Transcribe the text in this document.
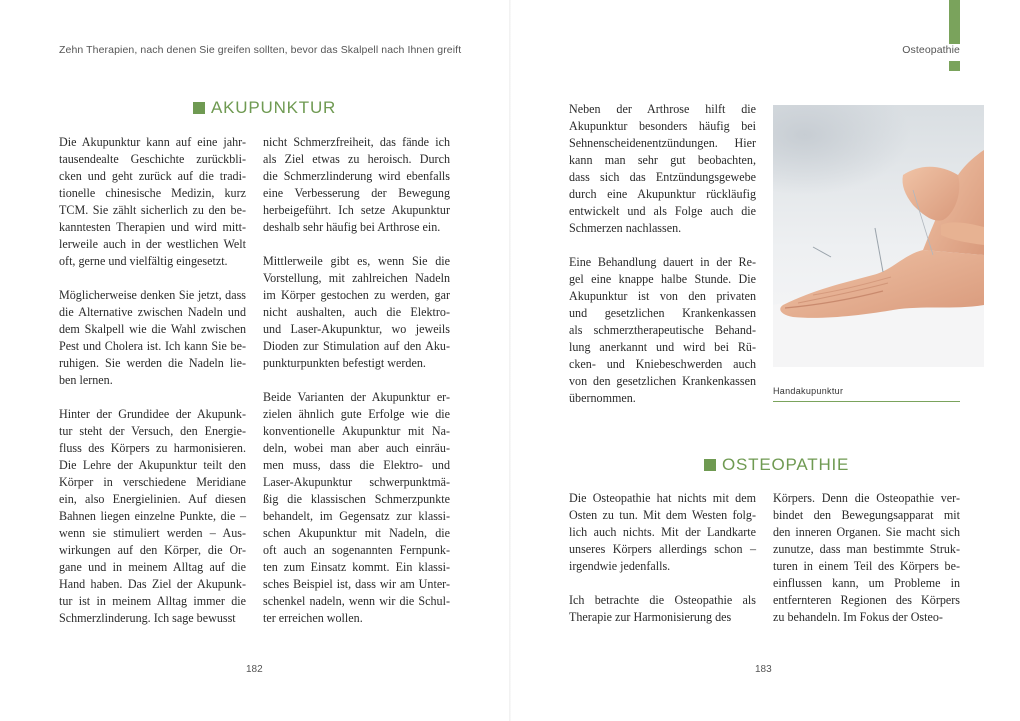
Zehn Therapien, nach denen Sie greifen sollten, bevor das Skalpell nach Ihnen greift	Osteopathie
AKUPUNKTUR

Die Akupunktur kann auf eine jahr-
tausendealte Geschichte zurückbli-
cken und geht zurück auf die tradi-
tionelle chinesische Medizin, kurz
TCM. Sie zählt sicherlich zu den be-
kanntesten Therapien und wird mitt-
lerweile auch in der westlichen Welt
oft, gerne und vielfältig eingesetzt.

Möglicherweise denken Sie jetzt, dass
die Alternative zwischen Nadeln und
dem Skalpell wie die Wahl zwischen
Pest und Cholera ist. Ich kann Sie be-
ruhigen. Sie werden die Nadeln lie-
ben lernen.

Hinter der Grundidee der Akupunk-
tur steht der Versuch, den Energie-
fluss des Körpers zu harmonisieren.
Die Lehre der Akupunktur teilt den
Körper in verschiedene Meridiane
ein, also Energielinien. Auf diesen
Bahnen liegen einzelne Punkte, die –
wenn sie stimuliert werden – Aus-
wirkungen auf den Körper, die Or-
gane und in meinem Alltag auf die
Hand haben. Das Ziel der Akupunk-
tur ist in meinem Alltag immer die
Schmerzlinderung. Ich sage bewusst

nicht Schmerzfreiheit, das fände ich
als Ziel etwas zu heroisch. Durch
die Schmerzlinderung wird ebenfalls
eine Verbesserung der Bewegung
herbeigeführt. Ich setze Akupunktur
deshalb sehr häufig bei Arthrose ein.

Mittlerweile gibt es, wenn Sie die
Vorstellung, mit zahlreichen Nadeln
im Körper gestochen zu werden, gar
nicht aushalten, auch die Elektro-
und Laser-Akupunktur, wo jeweils
Dioden zur Stimulation auf den Aku-
punkturpunkten befestigt werden.

Beide Varianten der Akupunktur er-
zielen ähnlich gute Erfolge wie die
konventionelle Akupunktur mit Na-
deln, wobei man aber auch einräu-
men muss, dass die Elektro- und
Laser-Akupunktur schwerpunktmä-
ßig die klassischen Schmerzpunkte
behandelt, im Gegensatz zur klassi-
schen Akupunktur mit Nadeln, die
oft auch an sogenannten Fernpunk-
ten zum Einsatz kommt. Ein klassi-
sches Beispiel ist, dass wir am Unter-
schenkel nadeln, wenn wir die Schul-
ter erreichen wollen.

Neben der Arthrose hilft die
Akupunktur besonders häufig bei
Sehnenscheidenentzündungen. Hier
kann man sehr gut beobachten,
dass sich das Entzündungsgewebe
durch eine Akupunktur rückläufig
entwickelt und als Folge auch die
Schmerzen nachlassen.

Eine Behandlung dauert in der Re-
gel eine knappe halbe Stunde. Die
Akupunktur ist von den privaten
und gesetzlichen Krankenkassen
als schmerztherapeutische Behand-
lung anerkannt und wird bei Rü-
cken- und Kniebeschwerden auch
von den gesetzlichen Krankenkassen
übernommen.	Handakupunktur
OSTEOPATHIE

Die Osteopathie hat nichts mit dem
Osten zu tun. Mit dem Westen folg-
lich auch nichts. Mit der Landkarte
unseres Körpers allerdings schon –
irgendwie jedenfalls.

Ich betrachte die Osteopathie als
Therapie zur Harmonisierung des

Körpers. Denn die Osteopathie ver-
bindet den Bewegungsapparat mit
den inneren Organen. Sie macht sich
zunutze, dass man bestimmte Struk-
turen in einem Teil des Körpers be-
einflussen kann, um Probleme in
entfernteren Regionen des Körpers
zu behandeln. Im Fokus der Osteo-

182	183
